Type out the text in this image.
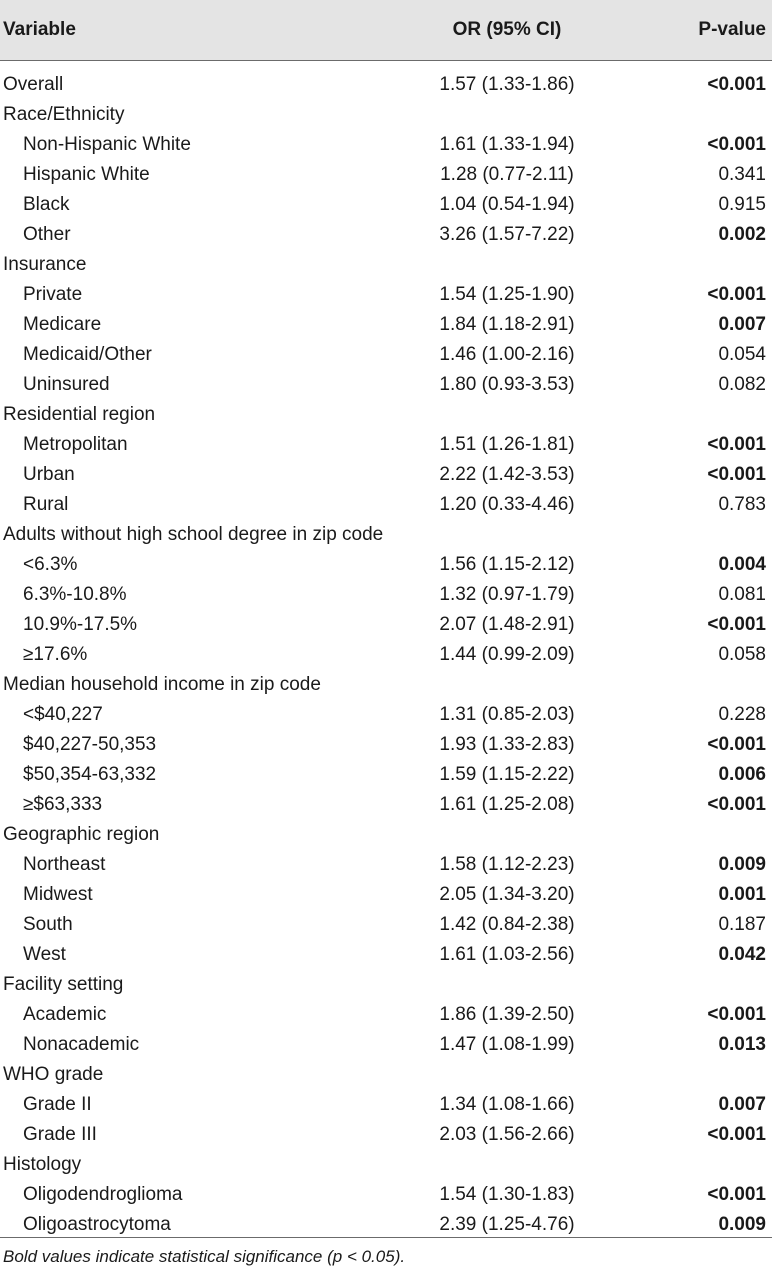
Variable	OR (95% CI)	P-value
Overall	1.57 (1.33-1.86)	<0.001
Race/Ethnicity
Non-Hispanic White	1.61 (1.33-1.94)	<0.001
Hispanic White	1.28 (0.77-2.11)	0.341
Black	1.04 (0.54-1.94)	0.915
Other	3.26 (1.57-7.22)	0.002
Insurance
Private	1.54 (1.25-1.90)	<0.001
Medicare	1.84 (1.18-2.91)	0.007
Medicaid/Other	1.46 (1.00-2.16)	0.054
Uninsured	1.80 (0.93-3.53)	0.082
Residential region
Metropolitan	1.51 (1.26-1.81)	<0.001
Urban	2.22 (1.42-3.53)	<0.001
Rural	1.20 (0.33-4.46)	0.783
Adults without high school degree in zip code
<6.3%	1.56 (1.15-2.12)	0.004
6.3%-10.8%	1.32 (0.97-1.79)	0.081
10.9%-17.5%	2.07 (1.48-2.91)	<0.001
≥17.6%	1.44 (0.99-2.09)	0.058
Median household income in zip code
<$40,227	1.31 (0.85-2.03)	0.228
$40,227-50,353	1.93 (1.33-2.83)	<0.001
$50,354-63,332	1.59 (1.15-2.22)	0.006
≥$63,333	1.61 (1.25-2.08)	<0.001
Geographic region
Northeast	1.58 (1.12-2.23)	0.009
Midwest	2.05 (1.34-3.20)	0.001
South	1.42 (0.84-2.38)	0.187
West	1.61 (1.03-2.56)	0.042
Facility setting
Academic	1.86 (1.39-2.50)	<0.001
Nonacademic	1.47 (1.08-1.99)	0.013
WHO grade
Grade II	1.34 (1.08-1.66)	0.007
Grade III	2.03 (1.56-2.66)	<0.001
Histology
Oligodendroglioma	1.54 (1.30-1.83)	<0.001
Oligoastrocytoma	2.39 (1.25-4.76)	0.009
Bold values indicate statistical significance (p < 0.05).
